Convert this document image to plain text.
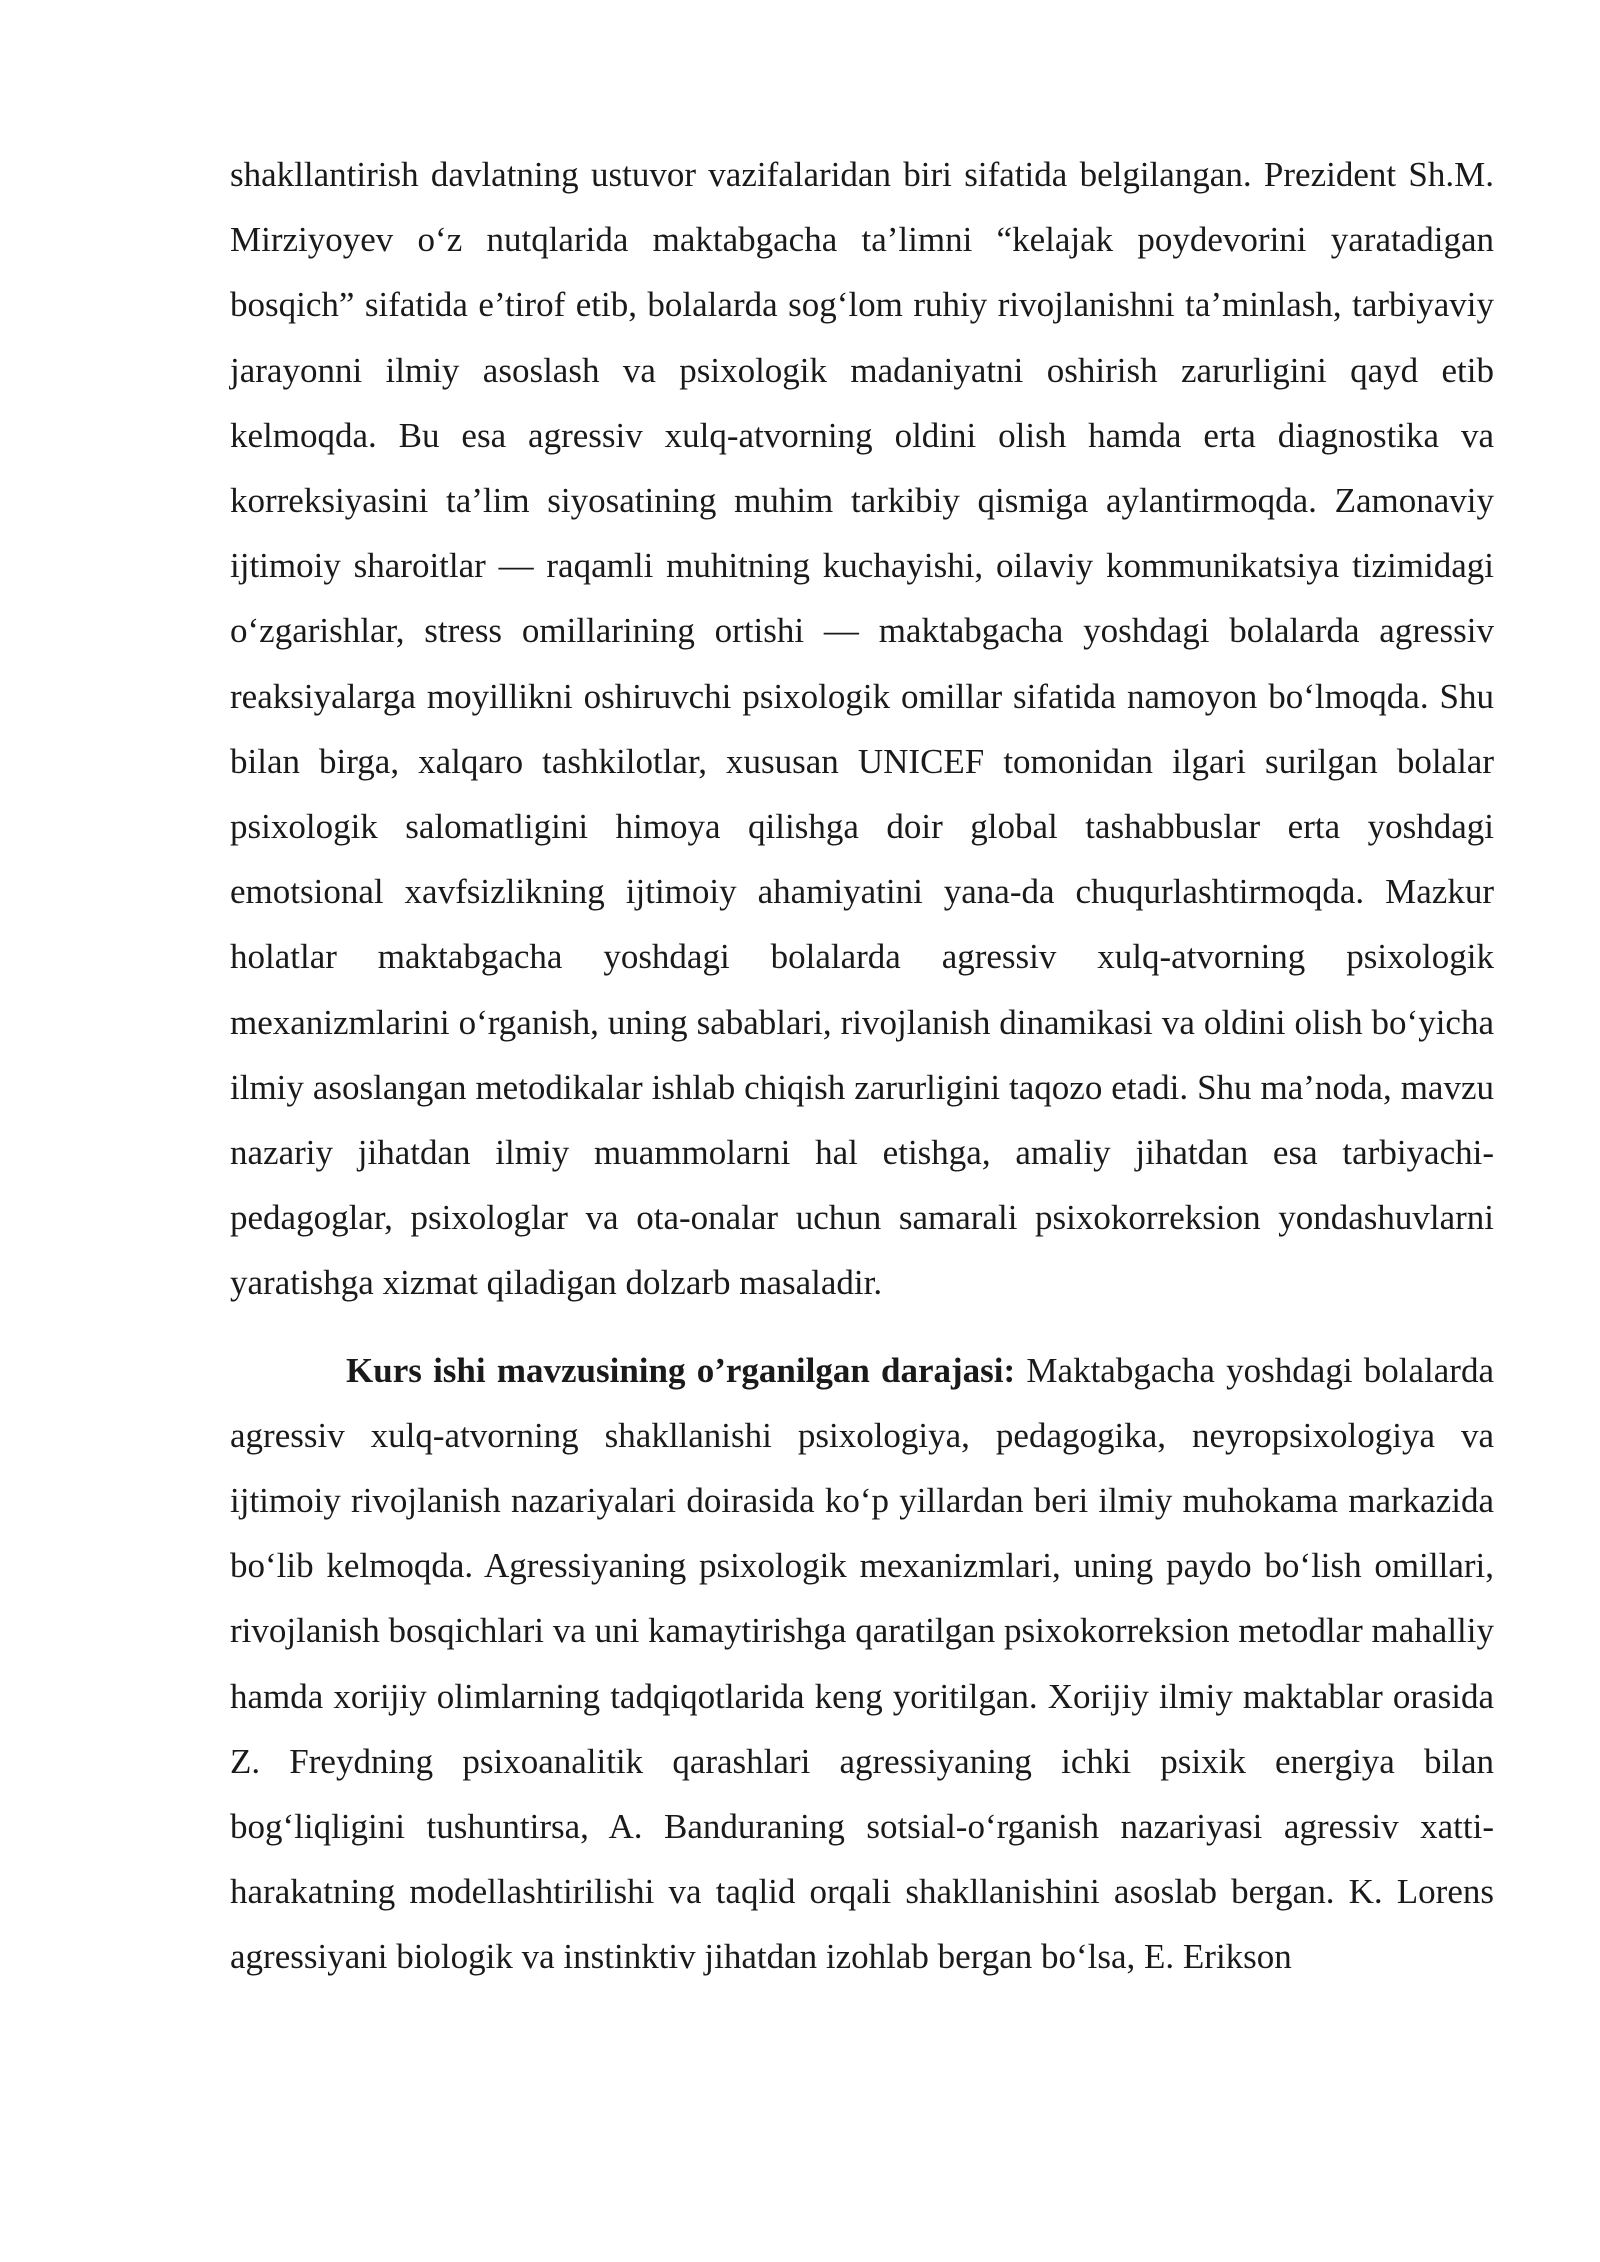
shakllantirish davlatning ustuvor vazifalaridan biri sifatida belgilangan. Prezident Sh.M. Mirziyoyev o‘z nutqlarida maktabgacha ta’limni “kelajak poydevorini yaratadigan bosqich” sifatida e’tirof etib, bolalarda sog‘lom ruhiy rivojlanishni ta’minlash, tarbiyaviy jarayonni ilmiy asoslash va psixologik madaniyatni oshirish zarurligini qayd etib kelmoqda. Bu esa agressiv xulq-atvorning oldini olish hamda erta diagnostika va korreksiyasini ta’lim siyosatining muhim tarkibiy qismiga aylantirmoqda. Zamonaviy ijtimoiy sharoitlar — raqamli muhitning kuchayishi, oilaviy kommunikatsiya tizimidagi o‘zgarishlar, stress omillarining ortishi — maktabgacha yoshdagi bolalarda agressiv reaksiyalarga moyillikni oshiruvchi psixologik omillar sifatida namoyon bo‘lmoqda. Shu bilan birga, xalqaro tashkilotlar, xususan UNICEF tomonidan ilgari surilgan bolalar psixologik salomatligini himoya qilishga doir global tashabbuslar erta yoshdagi emotsional xavfsizlikning ijtimoiy ahamiyatini yana-da chuqurlashtirmoqda. Mazkur holatlar maktabgacha yoshdagi bolalarda agressiv xulq-atvorning psixologik mexanizmlarini o‘rganish, uning sabablari, rivojlanish dinamikasi va oldini olish bo‘yicha ilmiy asoslangan metodikalar ishlab chiqish zarurligini taqozo etadi. Shu ma’noda, mavzu nazariy jihatdan ilmiy muammolarni hal etishga, amaliy jihatdan esa tarbiyachi-pedagoglar, psixologlar va ota-onalar uchun samarali psixokorreksion yondashuvlarni yaratishga xizmat qiladigan dolzarb masaladir.

Kurs ishi mavzusining o’rganilgan darajasi: Maktabgacha yoshdagi bolalarda agressiv xulq-atvorning shakllanishi psixologiya, pedagogika, neyropsixologiya va ijtimoiy rivojlanish nazariyalari doirasida ko‘p yillardan beri ilmiy muhokama markazida bo‘lib kelmoqda. Agressiyaning psixologik mexanizmlari, uning paydo bo‘lish omillari, rivojlanish bosqichlari va uni kamaytirishga qaratilgan psixokorreksion metodlar mahalliy hamda xorijiy olimlarning tadqiqotlarida keng yoritilgan. Xorijiy ilmiy maktablar orasida Z. Freydning psixoanalitik qarashlari agressiyaning ichki psixik energiya bilan bog‘liqligini tushuntirsa, A. Banduraning sotsial-o‘rganish nazariyasi agressiv xatti-harakatning modellashtirilishi va taqlid orqali shakllanishini asoslab bergan. K. Lorens agressiyani biologik va instinktiv jihatdan izohlab bergan bo‘lsa, E. Erikson
